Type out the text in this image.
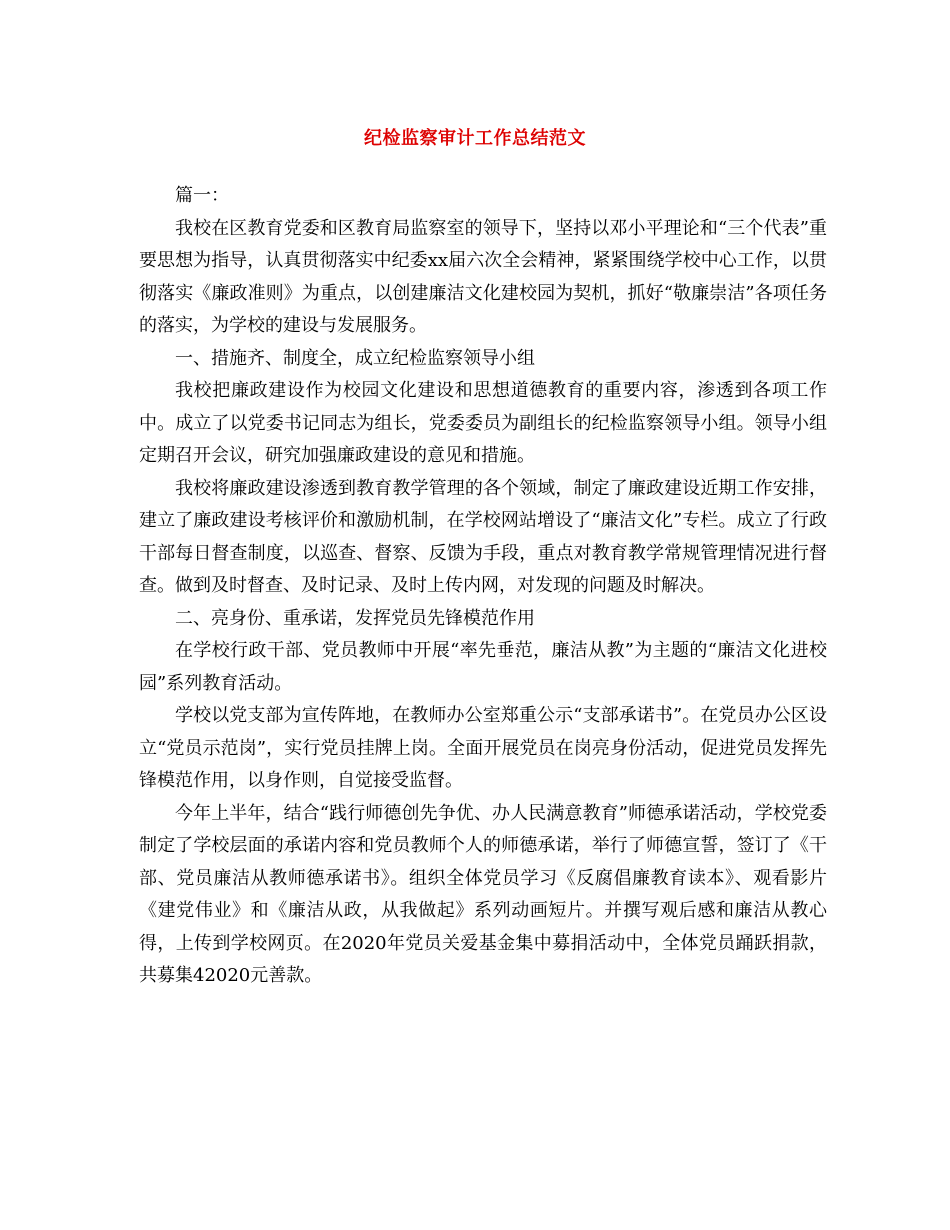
纪检监察审计工作总结范文

篇一：

我校在区教育党委和区教育局监察室的领导下，坚持以邓小平理论和“三个代表”重要思想为指导，认真贯彻落实中纪委xx届六次全会精神，紧紧围绕学校中心工作，以贯彻落实《廉政准则》为重点，以创建廉洁文化建校园为契机，抓好“敬廉崇洁”各项任务的落实，为学校的建设与发展服务。

一、措施齐、制度全，成立纪检监察领导小组

我校把廉政建设作为校园文化建设和思想道德教育的重要内容，渗透到各项工作中。成立了以党委书记同志为组长，党委委员为副组长的纪检监察领导小组。领导小组定期召开会议，研究加强廉政建设的意见和措施。

我校将廉政建设渗透到教育教学管理的各个领域，制定了廉政建设近期工作安排，建立了廉政建设考核评价和激励机制，在学校网站增设了“廉洁文化”专栏。成立了行政干部每日督查制度，以巡查、督察、反馈为手段，重点对教育教学常规管理情况进行督查。做到及时督查、及时记录、及时上传内网，对发现的问题及时解决。

二、亮身份、重承诺，发挥党员先锋模范作用

在学校行政干部、党员教师中开展“率先垂范，廉洁从教”为主题的“廉洁文化进校园”系列教育活动。

学校以党支部为宣传阵地，在教师办公室郑重公示“支部承诺书”。在党员办公区设立“党员示范岗”，实行党员挂牌上岗。全面开展党员在岗亮身份活动，促进党员发挥先锋模范作用，以身作则，自觉接受监督。

今年上半年，结合“践行师德创先争优、办人民满意教育”师德承诺活动，学校党委制定了学校层面的承诺内容和党员教师个人的师德承诺，举行了师德宣誓，签订了《干部、党员廉洁从教师德承诺书》。组织全体党员学习《反腐倡廉教育读本》、观看影片《建党伟业》和《廉洁从政，从我做起》系列动画短片。并撰写观后感和廉洁从教心得，上传到学校网页。在2020年党员关爱基金集中募捐活动中，全体党员踊跃捐款，共募集42020元善款。
